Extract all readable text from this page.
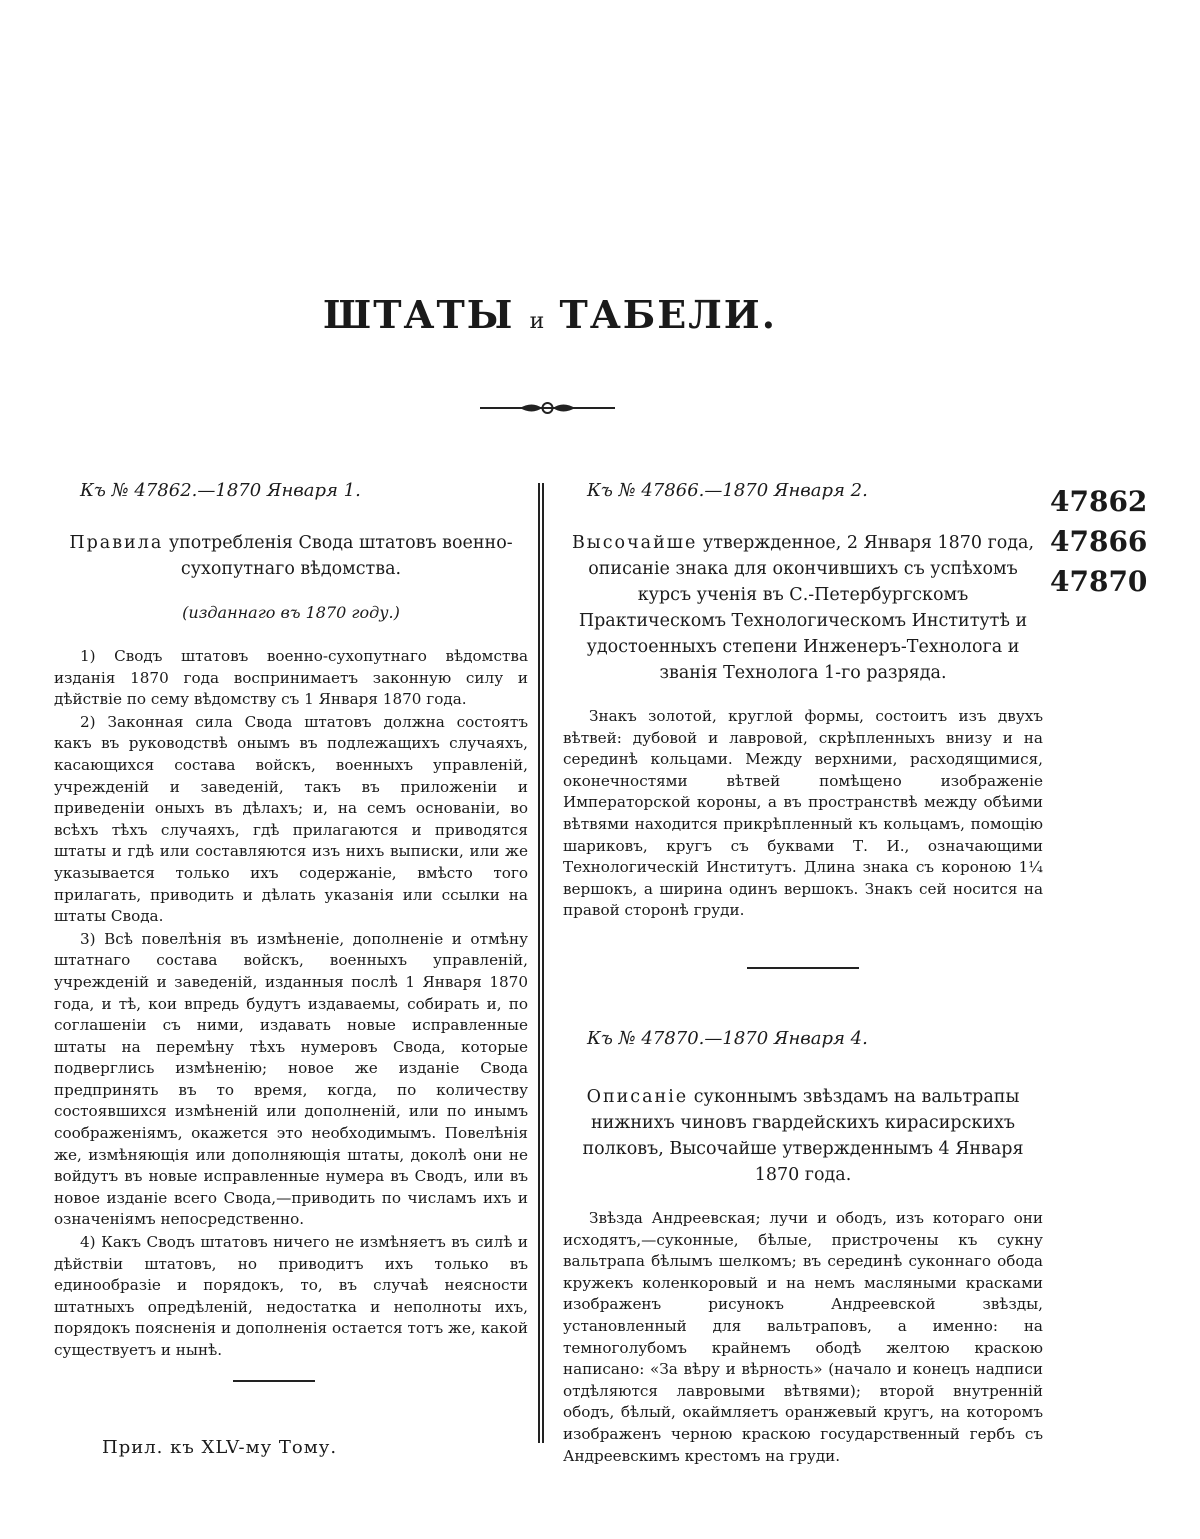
ШТАТЫ и ТАБЕЛИ.
47862
47866
47870
Къ № 47862.—1870 Января 1.
Правила употребленія Свода штатовъ военно-сухопутнаго вѣдомства.
(изданнаго въ 1870 году.)

1) Сводъ штатовъ военно-сухопутнаго вѣдомства изданія 1870 года воспринимаетъ законную силу и дѣйствіе по сему вѣдомству съ 1 Января 1870 года.

2) Законная сила Свода штатовъ должна состоятъ какъ въ руководствѣ онымъ въ подлежащихъ случаяхъ, касающихся состава войскъ, военныхъ управленій, учрежденій и заведеній, такъ въ приложеніи и приведеніи оныхъ въ дѣлахъ; и, на семъ основаніи, во всѣхъ тѣхъ случаяхъ, гдѣ прилагаются и приводятся штаты и гдѣ или составляются изъ нихъ выписки, или же указывается только ихъ содержаніе, вмѣсто того прилагать, приводить и дѣлать указанія или ссылки на штаты Свода.

3) Всѣ повелѣнія въ измѣненіе, дополненіе и отмѣну штатнаго состава войскъ, военныхъ управленій, учрежденій и заведеній, изданныя послѣ 1 Января 1870 года, и тѣ, кои впредь будутъ издаваемы, собирать и, по соглашеніи съ ними, издавать новые исправленные штаты на перемѣну тѣхъ нумеровъ Свода, которые подверглись измѣненію; новое же изданіе Свода предпринять въ то время, когда, по количеству состоявшихся измѣненій или дополненій, или по инымъ соображеніямъ, окажется это необходимымъ. Повелѣнія же, измѣняющія или дополняющія штаты, доколѣ они не войдутъ въ новые исправленные нумера въ Сводъ, или въ новое изданіе всего Свода,—приводить по числамъ ихъ и означеніямъ непосредственно.

4) Какъ Сводъ штатовъ ничего не измѣняетъ въ силѣ и дѣйствіи штатовъ, но приводитъ ихъ только въ единообразіе и порядокъ, то, въ случаѣ неясности штатныхъ опредѣленій, недостатка и неполноты ихъ, порядокъ поясненія и дополненія остается тотъ же, какой существуетъ и нынѣ.

Къ № 47866.—1870 Января 2.
Высочайше утвержденное, 2 Января 1870 года, описаніе знака для окончившихъ съ успѣхомъ курсъ ученія въ С.-Петербургскомъ Практическомъ Технологическомъ Институтѣ и удостоенныхъ степени Инженеръ-Технолога и званія Технолога 1-го разряда.

Знакъ золотой, круглой формы, состоитъ изъ двухъ вѣтвей: дубовой и лавровой, скрѣпленныхъ внизу и на серединѣ кольцами. Между верхними, расходящимися, оконечностями вѣтвей помѣщено изображеніе Императорской короны, а въ пространствѣ между обѣими вѣтвями находится прикрѣпленный къ кольцамъ, помощію шариковъ, кругъ съ буквами Т. И., означающими Технологическій Институтъ. Длина знака съ короною 1¼ вершокъ, а ширина одинъ вершокъ. Знакъ сей носится на правой сторонѣ груди.

Къ № 47870.—1870 Января 4.
Описаніе суконнымъ звѣздамъ на вальтрапы нижнихъ чиновъ гвардейскихъ кирасирскихъ полковъ, Высочайше утвержденнымъ 4 Января 1870 года.

Звѣзда Андреевская; лучи и ободъ, изъ котораго они исходятъ,—суконные, бѣлые, пристрочены къ сукну вальтрапа бѣлымъ шелкомъ; въ серединѣ суконнаго обода кружекъ коленкоровый и на немъ масляными красками изображенъ рисунокъ Андреевской звѣзды, установленный для вальтраповъ, а именно: на темноголубомъ крайнемъ ободѣ желтою краскою написано: «За вѣру и вѣрность» (начало и конецъ надписи отдѣляются лавровыми вѣтвями); второй внутренній ободъ, бѣлый, окаймляетъ оранжевый кругъ, на которомъ изображенъ черною краскою государственный гербъ съ Андреевскимъ крестомъ на груди.

Прил. къ XLV-му Тому.
